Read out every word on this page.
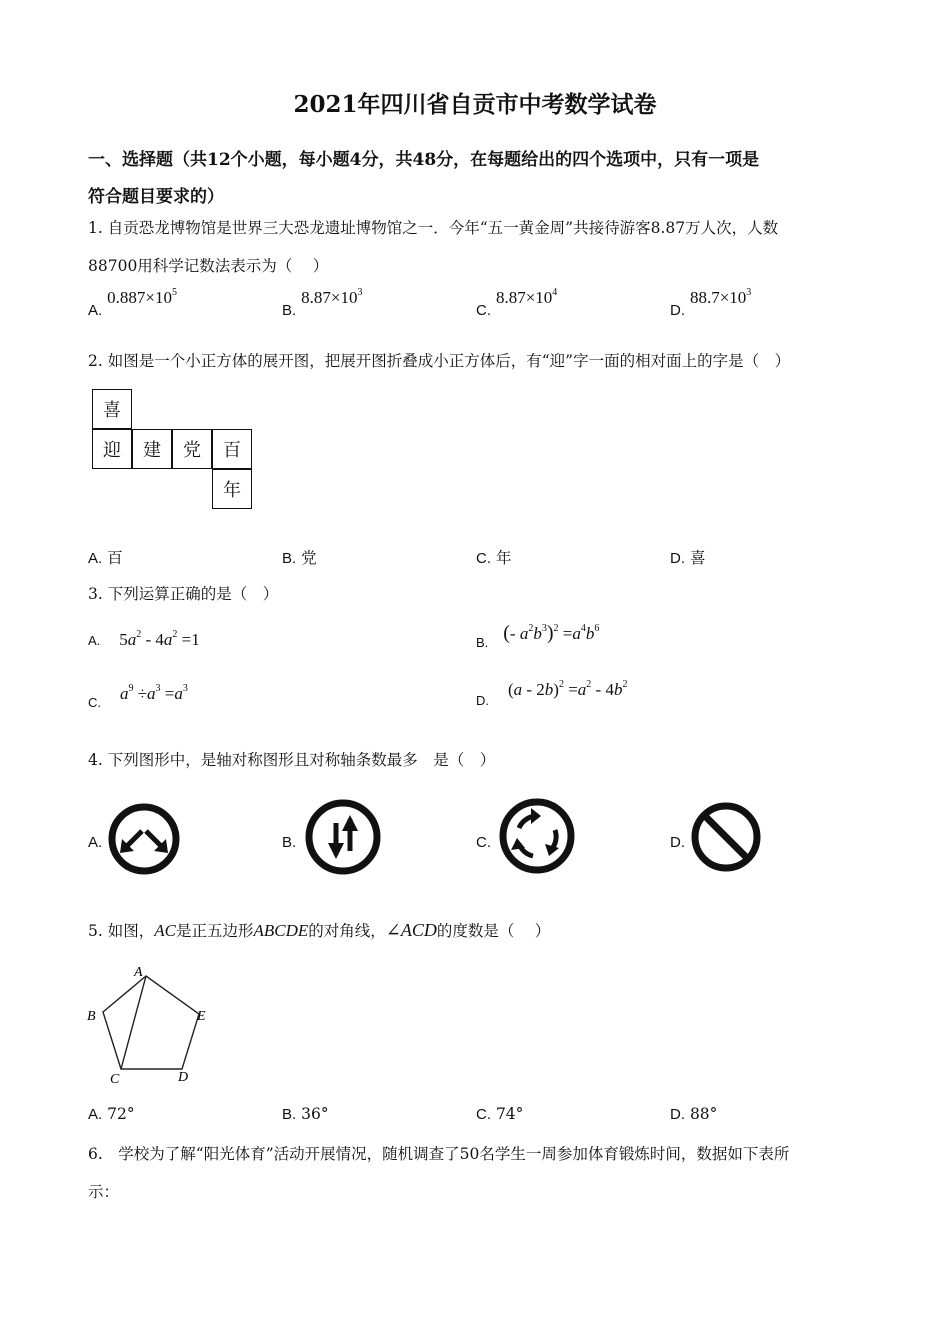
2021年四川省自贡市中考数学试卷
一、选择题（共12个小题，每小题4分，共48分，在每题给出的四个选项中，只有一项是
符合题目要求的）
1. 自贡恐龙博物馆是世界三大恐龙遗址博物馆之一．今年“五一黄金周”共接待游客8.87万人次，人数
88700用科学记数法表示为（　 ）
A. $0.887\times 10^5$
B. $8.87\times 10^3$
C. $8.87\times 10^4$
D. $88.7\times 10^3$
2. 如图是一个小正方体的展开图，把展开图折叠成小正方体后，有“迎”字一面的相对面上的字是（　）
喜
迎	建	党	百
年
A. 百	B. 党	C. 年	D. 喜
3. 下列运算正确的是（　）
A. $5a^2 - 4a^2 =1$	$_{B.}$ (- $a^2b^3)^2 =a^4b^6$
$_{C.}$ $a^9 \div a^3 =a^3$
$_{D.}$ $(a - 2b)^2 =a^2 - 4b^2$
4. 下列图形中，是轴对称图形且对称轴条数最多　是（　）
A.	B.	C.	D.
5. 如图，AC是正五边形ABCDE的对角线，∠ACD的度数是（　 ）
A
B
C	D
E
A. 72°	B. 36°	C. 74°	D. 88°
6.　学校为了解“阳光体育”活动开展情况，随机调查了50名学生一周参加体育锻炼时间，数据如下表所
示：
